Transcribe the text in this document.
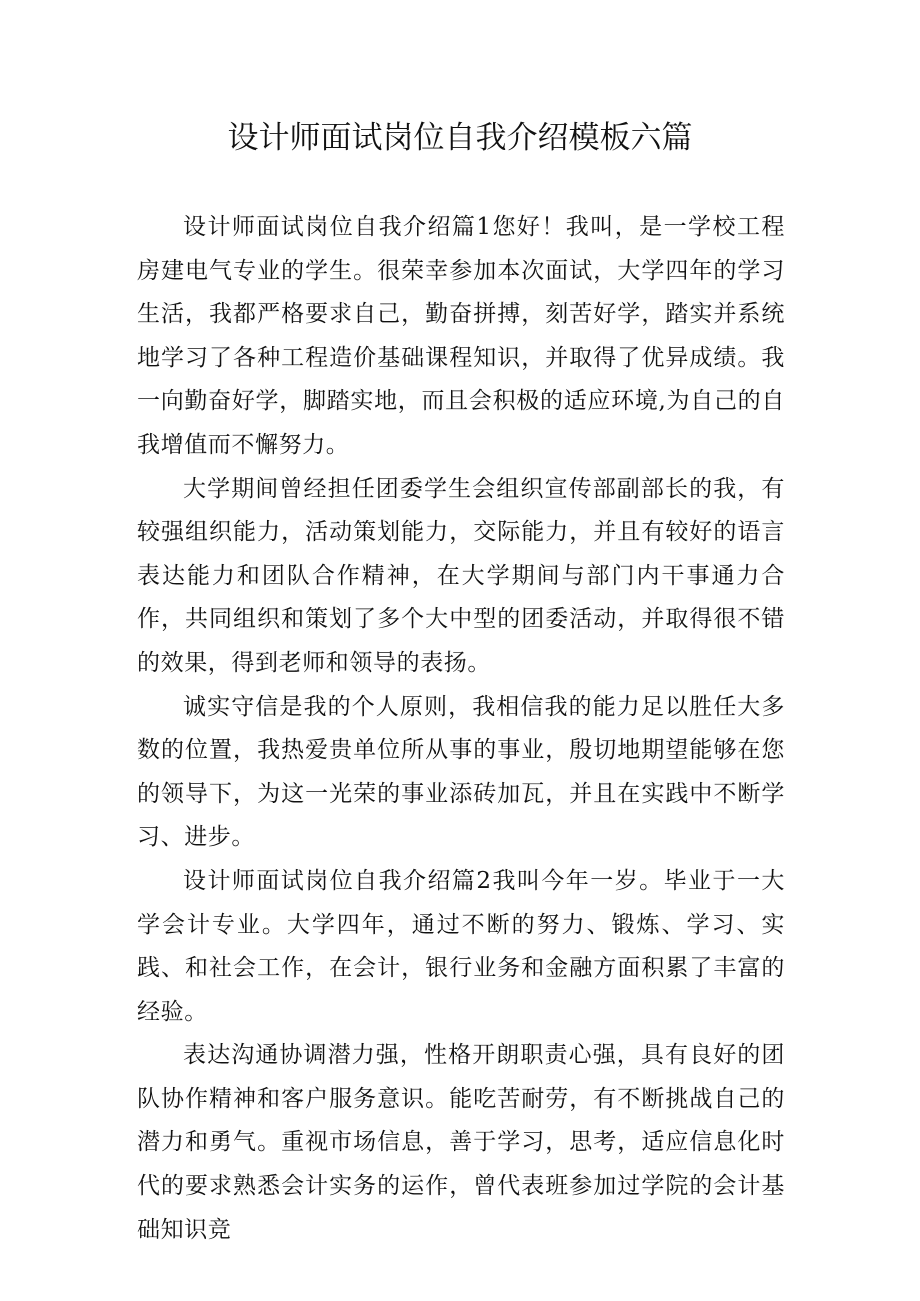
设计师面试岗位自我介绍模板六篇

设计师面试岗位自我介绍篇1您好！我叫，是一学校工程房建电气专业的学生。很荣幸参加本次面试，大学四年的学习生活，我都严格要求自己，勤奋拼搏，刻苦好学，踏实并系统地学习了各种工程造价基础课程知识，并取得了优异成绩。我一向勤奋好学，脚踏实地，而且会积极的适应环境,为自己的自我增值而不懈努力。

大学期间曾经担任团委学生会组织宣传部副部长的我，有较强组织能力，活动策划能力，交际能力，并且有较好的语言表达能力和团队合作精神，在大学期间与部门内干事通力合作，共同组织和策划了多个大中型的团委活动，并取得很不错的效果，得到老师和领导的表扬。

诚实守信是我的个人原则，我相信我的能力足以胜任大多数的位置，我热爱贵单位所从事的事业，殷切地期望能够在您的领导下，为这一光荣的事业添砖加瓦，并且在实践中不断学习、进步。

设计师面试岗位自我介绍篇2我叫今年一岁。毕业于一大学会计专业。大学四年，通过不断的努力、锻炼、学习、实践、和社会工作，在会计，银行业务和金融方面积累了丰富的经验。

表达沟通协调潜力强，性格开朗职责心强，具有良好的团队协作精神和客户服务意识。能吃苦耐劳，有不断挑战自己的潜力和勇气。重视市场信息，善于学习，思考，适应信息化时代的要求熟悉会计实务的运作，曾代表班参加过学院的会计基础知识竞
